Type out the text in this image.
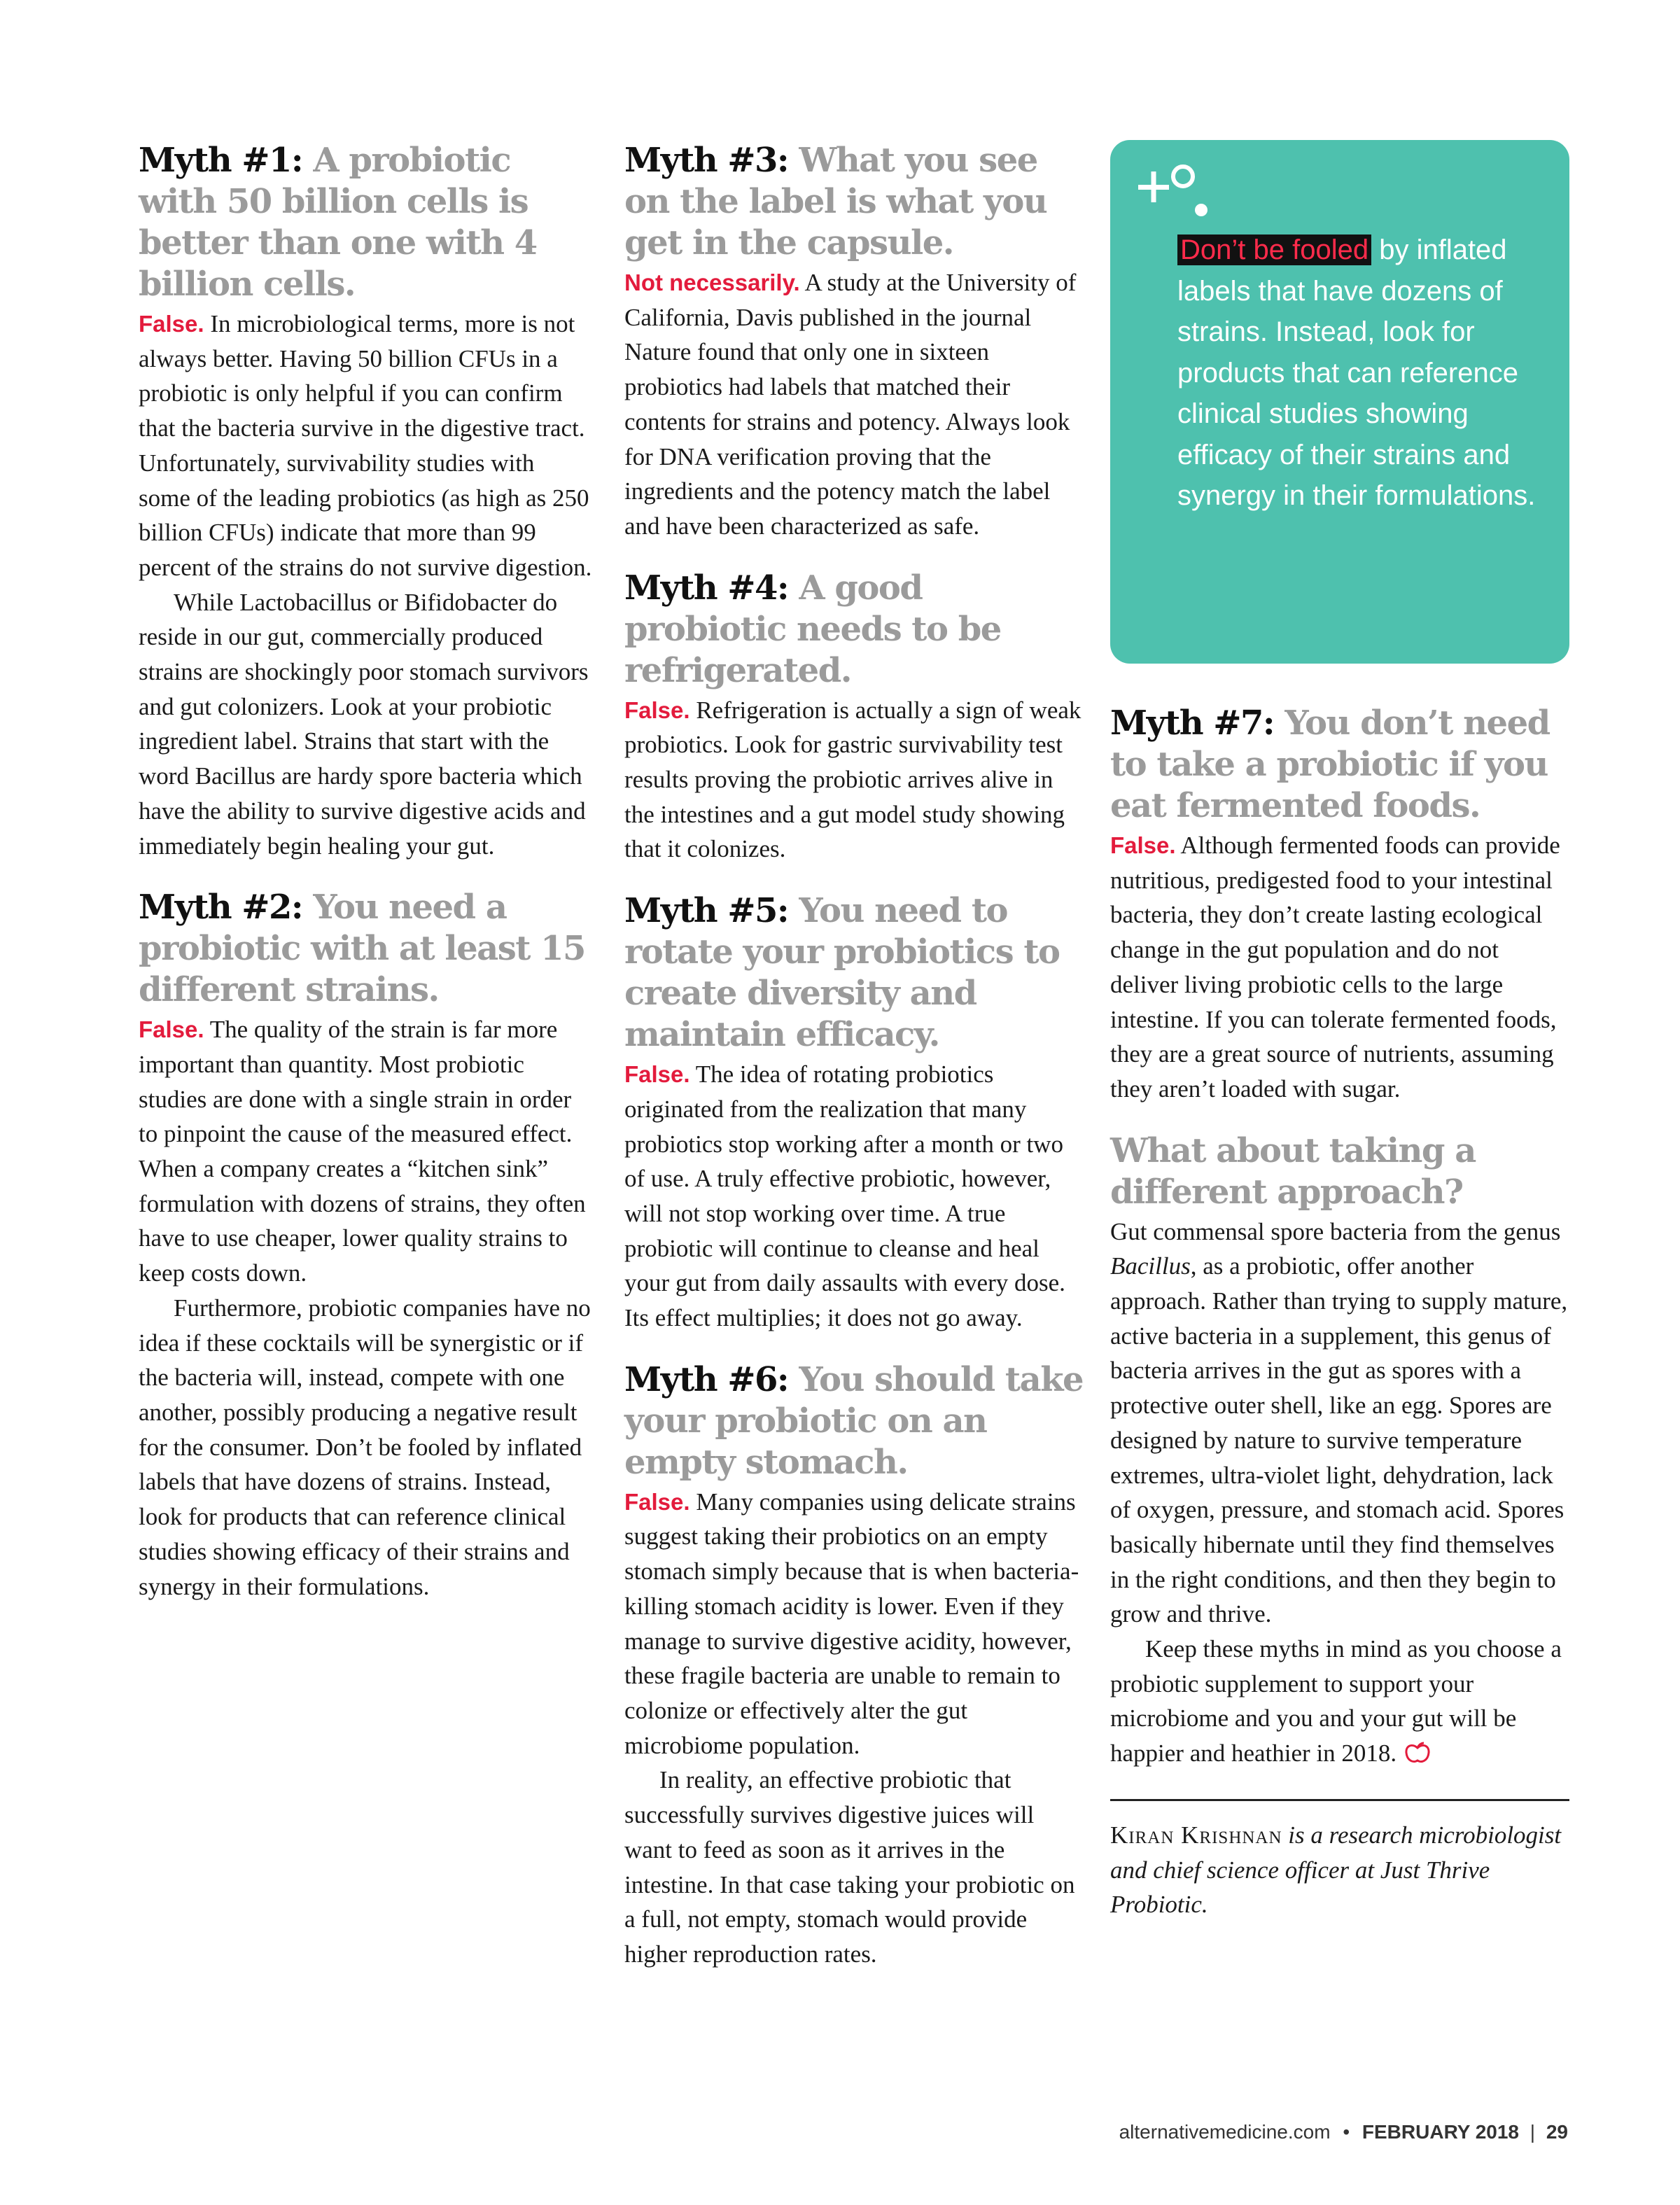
Myth #1: A probiotic with 50 billion cells is better than one with 4 billion cells.

False. In microbiological terms, more is not always better. Having 50 billion CFUs in a probiotic is only helpful if you can confirm that the bacteria survive in the digestive tract. Unfortunately, survivability studies with some of the leading probiotics (as high as 250 billion CFUs) indicate that more than 99 percent of the strains do not survive digestion.

While Lactobacillus or Bifidobacter do reside in our gut, commercially produced strains are shockingly poor stomach survivors and gut colonizers. Look at your probiotic ingredient label. Strains that start with the word Bacillus are hardy spore bacteria which have the ability to survive digestive acids and immediately begin healing your gut.

Myth #2: You need a probiotic with at least 15 different strains.

False. The quality of the strain is far more important than quantity. Most probiotic studies are done with a single strain in order to pinpoint the cause of the measured effect. When a company creates a “kitchen sink” formulation with dozens of strains, they often have to use cheaper, lower quality strains to keep costs down.

Furthermore, probiotic companies have no idea if these cocktails will be synergistic or if the bacteria will, instead, compete with one another, possibly producing a negative result for the consumer. Don’t be fooled by inflated labels that have dozens of strains. Instead, look for products that can reference clinical studies showing efficacy of their strains and synergy in their formulations.

Myth #3: What you see on the label is what you get in the capsule.

Not necessarily. A study at the University of California, Davis published in the journal Nature found that only one in sixteen probiotics had labels that matched their contents for strains and potency. Always look for DNA verification proving that the ingredients and the potency match the label and have been characterized as safe.

Myth #4: A good probiotic needs to be refrigerated.

False. Refrigeration is actually a sign of weak probiotics. Look for gastric survivability test results proving the probiotic arrives alive in the intestines and a gut model study showing that it colonizes.

Myth #5: You need to rotate your probiotics to create diversity and maintain efficacy.

False. The idea of rotating probiotics originated from the realization that many probiotics stop working after a month or two of use. A truly effective probiotic, however, will not stop working over time. A true probiotic will continue to cleanse and heal your gut from daily assaults with every dose. Its effect multiplies; it does not go away.

Myth #6: You should take your probiotic on an empty stomach.

False. Many companies using delicate strains suggest taking their probiotics on an empty stomach simply because that is when bacteria-killing stomach acidity is lower. Even if they manage to survive digestive acidity, however, these fragile bacteria are unable to remain to colonize or effectively alter the gut microbiome population.

In reality, an effective probiotic that successfully survives digestive juices will want to feed as soon as it arrives in the intestine. In that case taking your probiotic on a full, not empty, stomach would provide higher reproduction rates.

Don’t be fooled by inflated labels that have dozens of strains. Instead, look for products that can reference clinical studies showing efficacy of their strains and synergy in their formulations.
Myth #7: You don’t need to take a probiotic if you eat fermented foods.

False. Although fermented foods can provide nutritious, predigested food to your intestinal bacteria, they don’t create lasting ecological change in the gut population and do not deliver living probiotic cells to the large intestine. If you can tolerate fermented foods, they are a great source of nutrients, assuming they aren’t loaded with sugar.

What about taking a different approach?

Gut commensal spore bacteria from the genus Bacillus, as a probiotic, offer another approach. Rather than trying to supply mature, active bacteria in a supplement, this genus of bacteria arrives in the gut as spores with a protective outer shell, like an egg. Spores are designed by nature to survive temperature extremes, ultra-violet light, dehydration, lack of oxygen, pressure, and stomach acid. Spores basically hibernate until they find themselves in the right conditions, and then they begin to grow and thrive.

Keep these myths in mind as you choose a probiotic supplement to support your microbiome and you and your gut will be happier and heathier in 2018.

Kiran Krishnan is a research microbiologist and chief science officer at Just Thrive Probiotic.

alternativemedicine.com • FEBRUARY 2018 | 29
